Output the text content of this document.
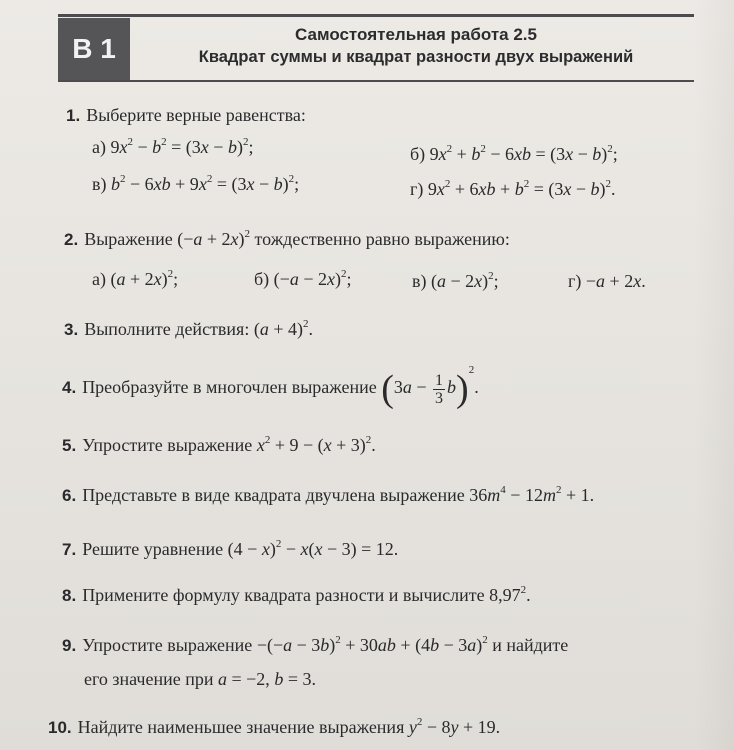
В 1	Самостоятельная работа 2.5
Квадрат суммы и квадрат разности двух выражений
1. Выберите верные равенства:
а) $9x^2 - b^2 = (3x - b)^2$;	б) $9x^2 + b^2 - 6xb = (3x - b)^2$;
в) $b^2 - 6xb + 9x^2 = (3x - b)^2$;	г) $9x^2 + 6xb + b^2 = (3x - b)^2$.
2. Выражение $(-a + 2x)^2$ тождественно равно выражению:
а) $(a + 2x)^2$;	б) $(-a - 2x)^2$;	в) $(a - 2x)^2$;	г) −a + 2x.
3. Выполните действия: $(a + 4)^2$.
4. Преобразуйте в многочлен выражение $(3a - \frac{1}{3} b)^2$.
5. Упростите выражение $x^2 + 9 - (x + 3)^2$.
6. Представьте в виде квадрата двучлена выражение $36m^4 - 12m^2 + 1$.
7. Решите уравнение $(4 - x)^2 - x(x - 3) = 12$.
8. Примените формулу квадрата разности и вычислите 8,97$^2$.
9. Упростите выражение $-(-a - 3b)^2 + 30ab + (4b - 3a)^2$ и найдите
его значение при a = −2, b = 3.
10. Найдите наименьшее значение выражения $y^2 - 8y + 19$.
